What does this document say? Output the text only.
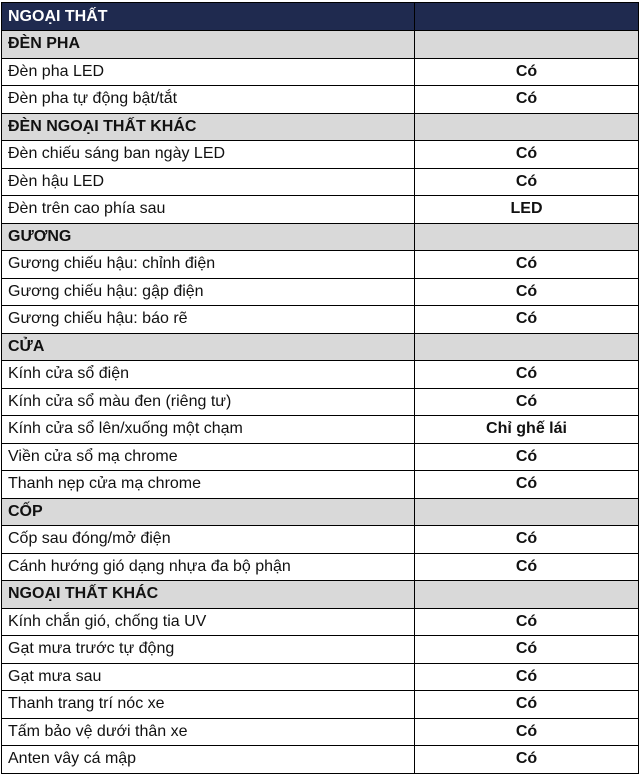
NGOẠI THẤT	
ĐÈN PHA	
Đèn pha LED	Có
Đèn pha tự động bật/tắt	Có
ĐÈN NGOẠI THẤT KHÁC	
Đèn chiếu sáng ban ngày LED	Có
Đèn hậu LED	Có
Đèn trên cao phía sau	LED
GƯƠNG	
Gương chiếu hậu: chỉnh điện	Có
Gương chiếu hậu: gập điện	Có
Gương chiếu hậu: báo rẽ	Có
CỬA	
Kính cửa sổ điện	Có
Kính cửa sổ màu đen (riêng tư)	Có
Kính cửa sổ lên/xuống một chạm	Chỉ ghế lái
Viền cửa sổ mạ chrome	Có
Thanh nẹp cửa mạ chrome	Có
CỐP	
Cốp sau đóng/mở điện	Có
Cánh hướng gió dạng nhựa đa bộ phận	Có
NGOẠI THẤT KHÁC	
Kính chắn gió, chống tia UV	Có
Gạt mưa trước tự động	Có
Gạt mưa sau	Có
Thanh trang trí nóc xe	Có
Tấm bảo vệ dưới thân xe	Có
Anten vây cá mập	Có
